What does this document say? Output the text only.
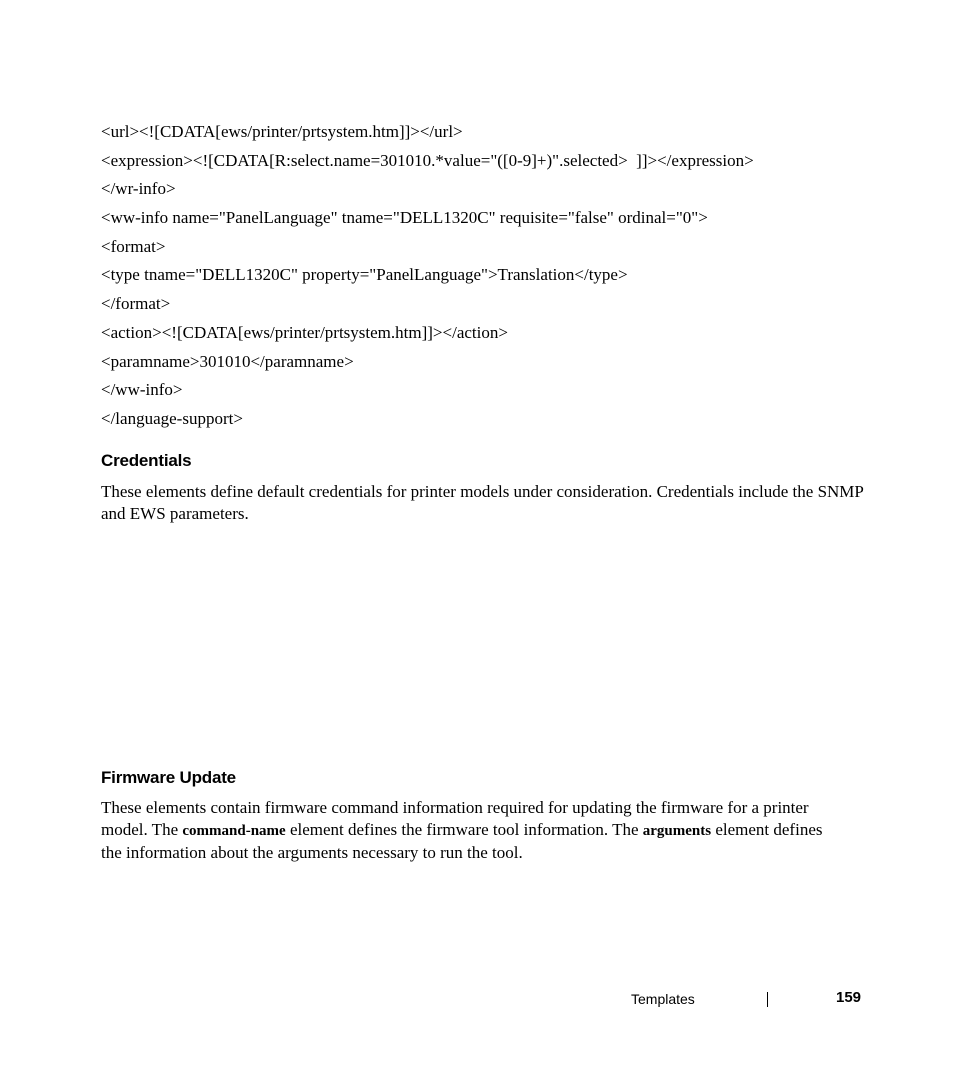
<url><![CDATA[ews/printer/prtsystem.htm]]></url>
<expression><![CDATA[R:select.name=301010.*value="([0-9]+)".selected>  ]]></expression>
</wr-info>
<ww-info name="PanelLanguage" tname="DELL1320C" requisite="false" ordinal="0">
<format>
<type tname="DELL1320C" property="PanelLanguage">Translation</type>
</format>
<action><![CDATA[ews/printer/prtsystem.htm]]></action>
<paramname>301010</paramname>
</ww-info>
</language-support>
Credentials
These elements define default credentials for printer models under consideration. Credentials include the SNMP and EWS parameters.
Firmware Update
These elements contain firmware command information required for updating the firmware for a printer model. The command-name element defines the firmware tool information. The arguments element defines the information about the arguments necessary to run the tool.
Templates	159
